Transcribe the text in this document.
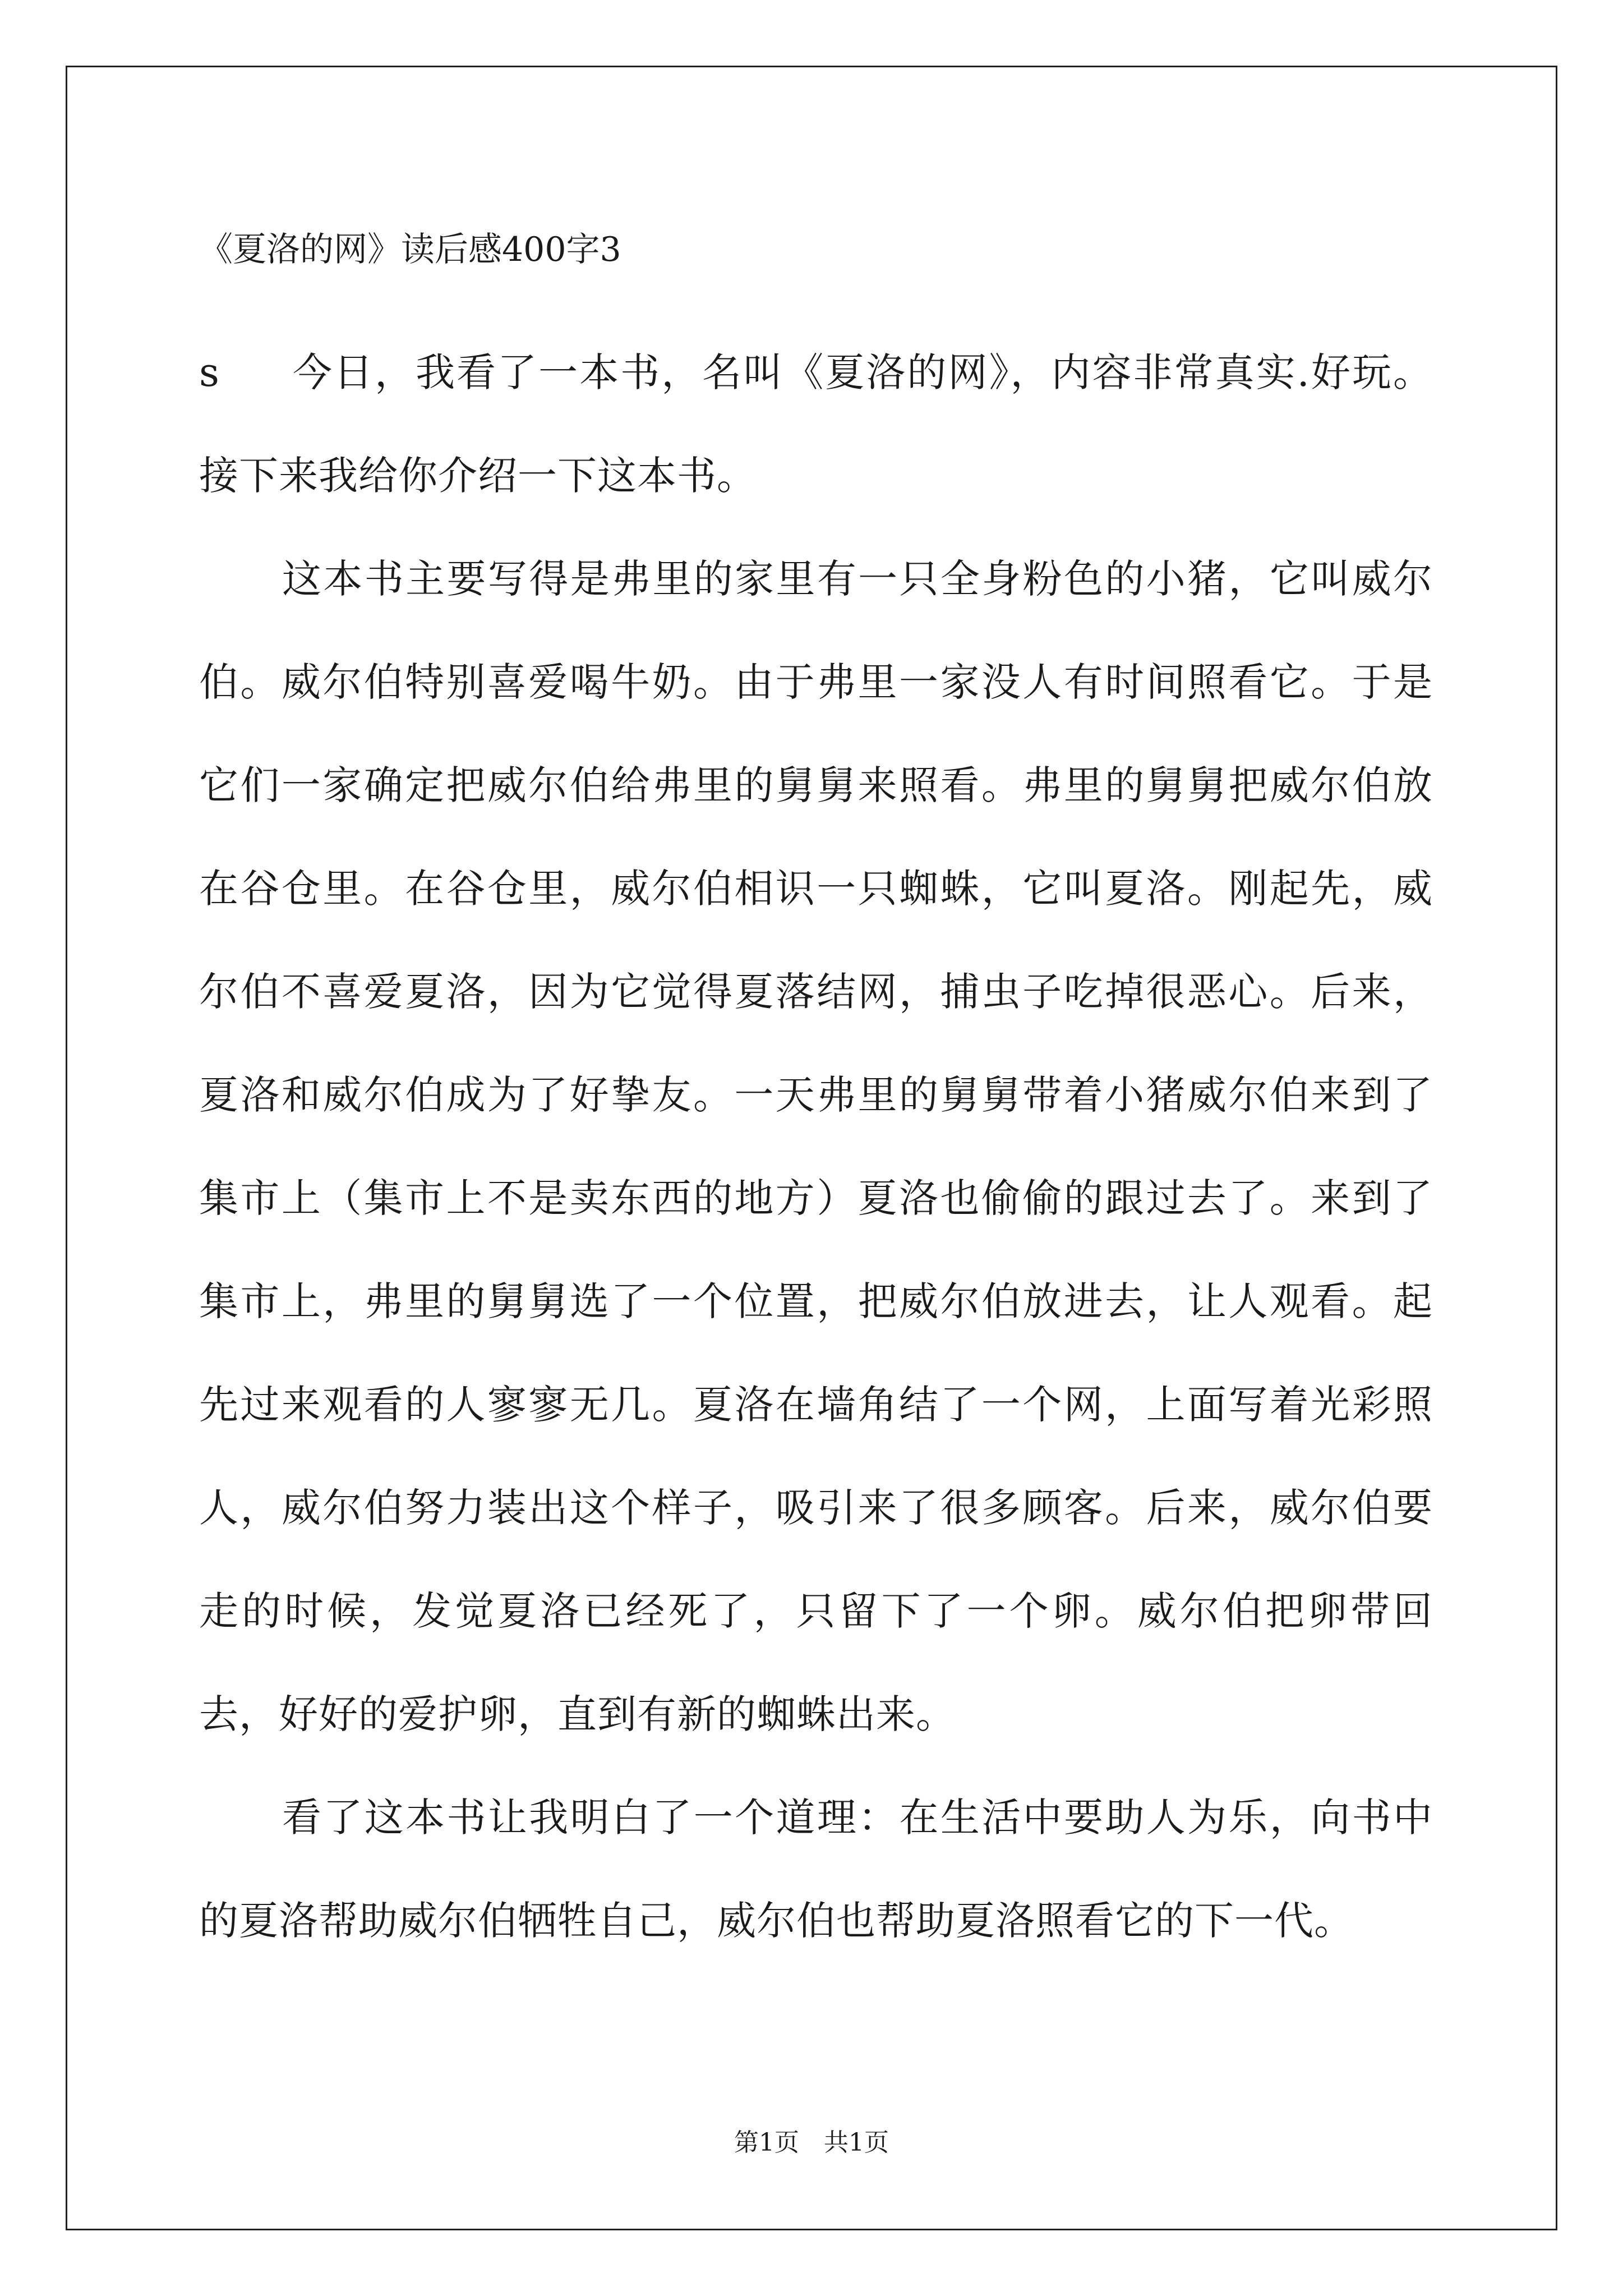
《夏洛的网》读后感400字3

s 今日，我看了一本书，名叫《夏洛的网》，内容非常真实.好玩。接下来我给你介绍一下这本书。

这本书主要写得是弗里的家里有一只全身粉色的小猪，它叫威尔伯。威尔伯特别喜爱喝牛奶。由于弗里一家没人有时间照看它。于是它们一家确定把威尔伯给弗里的舅舅来照看。弗里的舅舅把威尔伯放在谷仓里。在谷仓里，威尔伯相识一只蜘蛛，它叫夏洛。刚起先，威尔伯不喜爱夏洛，因为它觉得夏落结网，捕虫子吃掉很恶心。后来，夏洛和威尔伯成为了好挚友。一天弗里的舅舅带着小猪威尔伯来到了集市上（集市上不是卖东西的地方）夏洛也偷偷的跟过去了。来到了集市上，弗里的舅舅选了一个位置，把威尔伯放进去，让人观看。起先过来观看的人寥寥无几。夏洛在墙角结了一个网，上面写着光彩照人，威尔伯努力装出这个样子，吸引来了很多顾客。后来，威尔伯要走的时候，发觉夏洛已经死了，只留下了一个卵。威尔伯把卵带回去，好好的爱护卵，直到有新的蜘蛛出来。

看了这本书让我明白了一个道理：在生活中要助人为乐，向书中的夏洛帮助威尔伯牺牲自己，威尔伯也帮助夏洛照看它的下一代。

第1页　共1页
